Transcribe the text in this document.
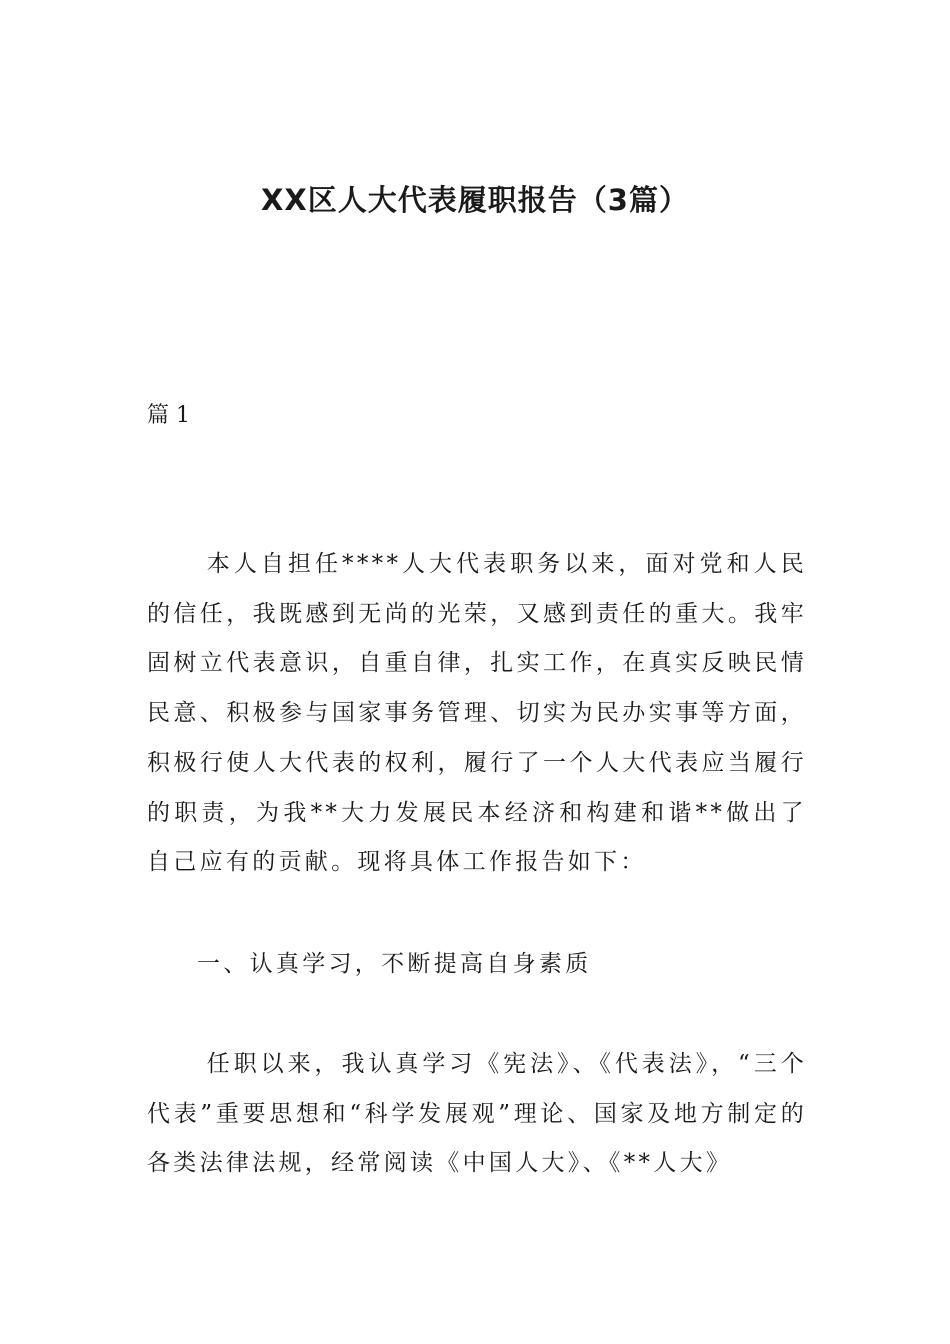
XX区人大代表履职报告（3篇）

篇 1

本人自担任****人大代表职务以来，面对党和人民的信任，我既感到无尚的光荣，又感到责任的重大。我牢固树立代表意识，自重自律，扎实工作，在真实反映民情民意、积极参与国家事务管理、切实为民办实事等方面，积极行使人大代表的权利，履行了一个人大代表应当履行的职责，为我**大力发展民本经济和构建和谐**做出了自己应有的贡献。现将具体工作报告如下：

一、认真学习，不断提高自身素质

任职以来，我认真学习《宪法》、《代表法》，“三个代表”重要思想和“科学发展观”理论、国家及地方制定的各类法律法规，经常阅读《中国人大》、《**人大》
